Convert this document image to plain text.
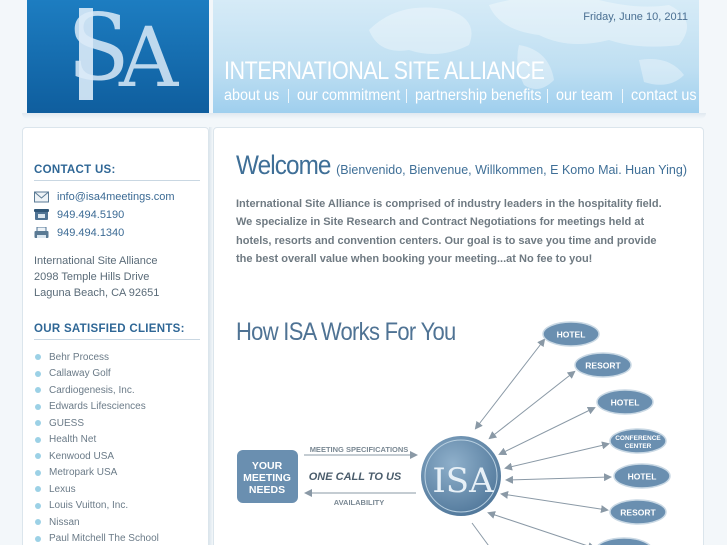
S
A	Friday, June 10, 2011
INTERNATIONAL SITE ALLIANCE
about us our commitment partnership benefits our team contact us
CONTACT US:
info@isa4meetings.com
949.494.5190
949.494.1340
International Site Alliance
2098 Temple Hills Drive
Laguna Beach, CA 92651
OUR SATISFIED CLIENTS:
Behr Process
Callaway Golf
Cardiogenesis, Inc.
Edwards Lifesciences
GUESS
Health Net
Kenwood USA
Metropark USA
Lexus
Louis Vuitton, Inc.
Nissan
Paul Mitchell The School
Welcome (Bienvenido, Bienvenue, Willkommen, E Komo Mai. Huan Ying)
International Site Alliance is comprised of industry leaders in the hospitality field. We specialize in Site Research and Contract Negotiations for meetings held at hotels, resorts and convention centers. Our goal is to save you time and provide the best overall value when booking your meeting...at No fee to you!
How ISA Works For You
YOUR
MEETING
NEEDS
MEETING SPECIFICATIONS
ONE CALL TO US
AVAILABILITY
ISA
HOTEL
RESORT
HOTEL
CONFERENCE
CENTER
HOTEL
RESORT
